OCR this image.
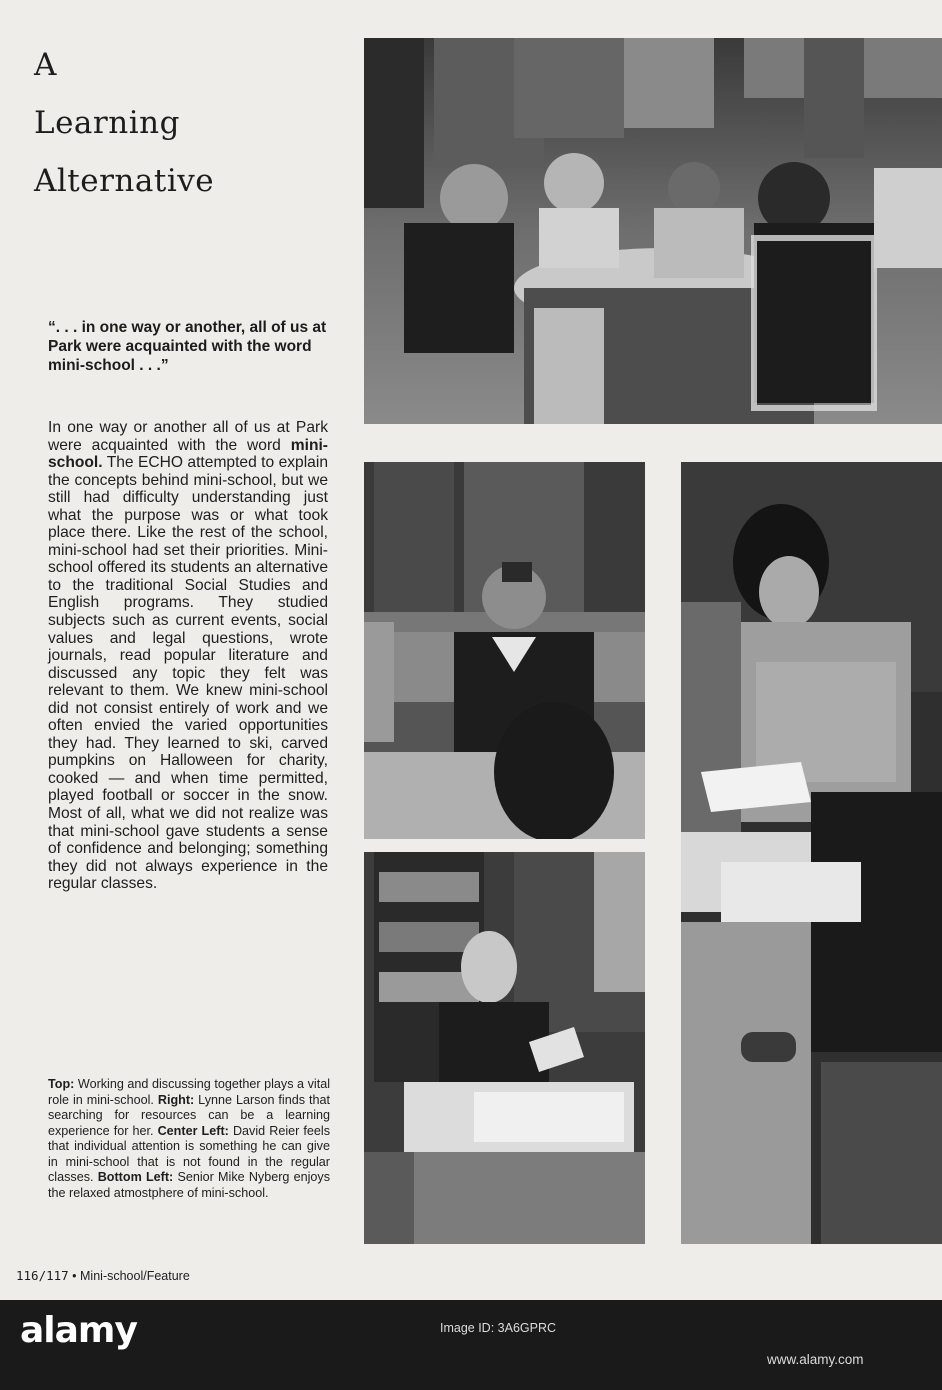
A
Learning
Alternative
“. . . in one way or another, all of us at Park were acquainted with the word mini-school . . .”

In one way or another all of us at Park were acquainted with the word mini-school. The ECHO attempted to explain the concepts behind mini-school, but we still had difficulty understanding just what the purpose was or what took place there. Like the rest of the school, mini-school had set their priorities. Mini-school offered its students an alternative to the traditional Social Studies and English programs. They studied subjects such as current events, social values and legal questions, wrote journals, read popular literature and discussed any topic they felt was relevant to them. We knew mini-school did not consist entirely of work and we often envied the varied opportunities they had. They learned to ski, carved pumpkins on Halloween for charity, cooked — and when time permitted, played football or soccer in the snow. Most of all, what we did not realize was that mini-school gave students a sense of confidence and belonging; something they did not always experience in the regular classes.

Top: Working and discussing together plays a vital role in mini-school. Right: Lynne Larson finds that searching for resources can be a learning experience for her. Center Left: David Reier feels that individual attention is something he can give in mini-school that is not found in the regular classes. Bottom Left: Senior Mike Nyberg enjoys the relaxed atmostphere of mini-school.
116/117 • Mini-school/Feature
alamy	Image ID: 3A6GPRC
www.alamy.com
